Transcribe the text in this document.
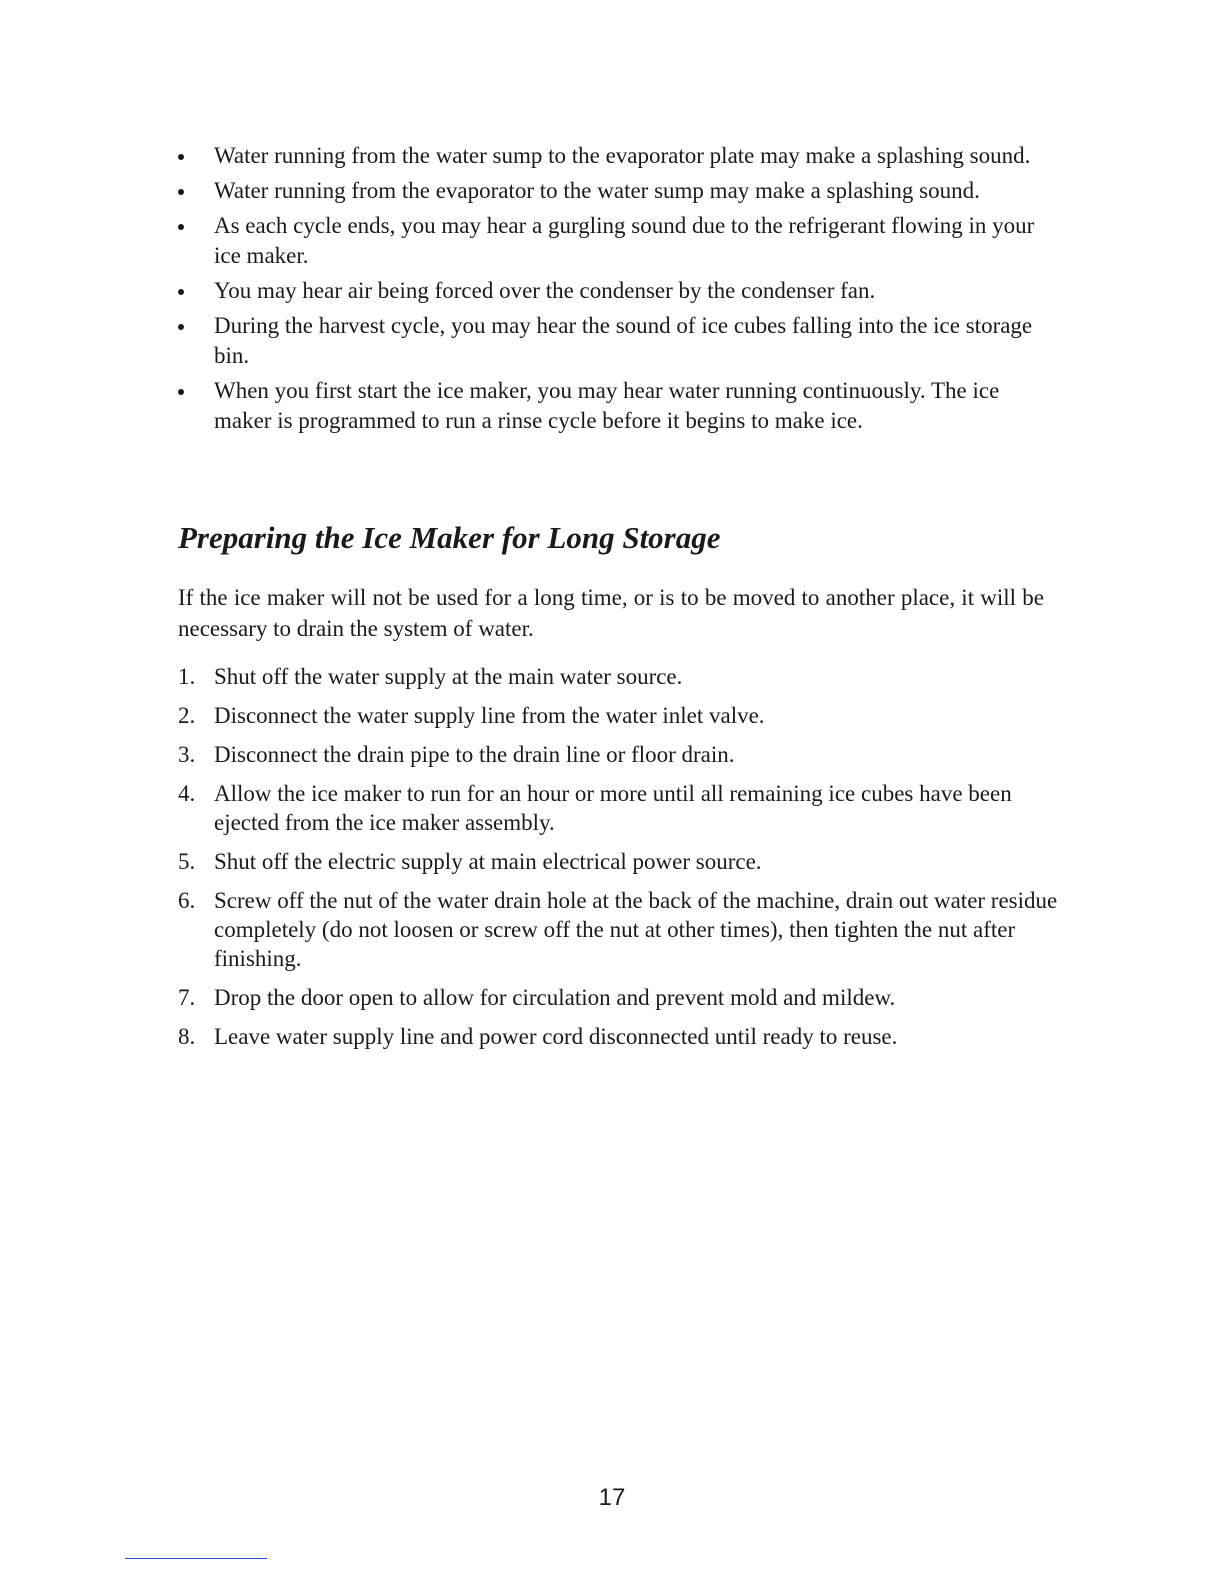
Water running from the water sump to the evaporator plate may make a splashing sound.
Water running from the evaporator to the water sump may make a splashing sound.
As each cycle ends, you may hear a gurgling sound due to the refrigerant flowing in your ice maker.
You may hear air being forced over the condenser by the condenser fan.
During the harvest cycle, you may hear the sound of ice cubes falling into the ice storage bin.
When you first start the ice maker, you may hear water running continuously. The ice maker is programmed to run a rinse cycle before it begins to make ice.
Preparing the Ice Maker for Long Storage

If the ice maker will not be used for a long time, or is to be moved to another place, it will be necessary to drain the system of water.

1. Shut off the water supply at the main water source.
2. Disconnect the water supply line from the water inlet valve.
3. Disconnect the drain pipe to the drain line or floor drain.
4. Allow the ice maker to run for an hour or more until all remaining ice cubes have been ejected from the ice maker assembly.
5. Shut off the electric supply at main electrical power source.
6. Screw off the nut of the water drain hole at the back of the machine, drain out water residue completely (do not loosen or screw off the nut at other times), then tighten the nut after finishing.
7. Drop the door open to allow for circulation and prevent mold and mildew.
8. Leave water supply line and power cord disconnected until ready to reuse.
17
